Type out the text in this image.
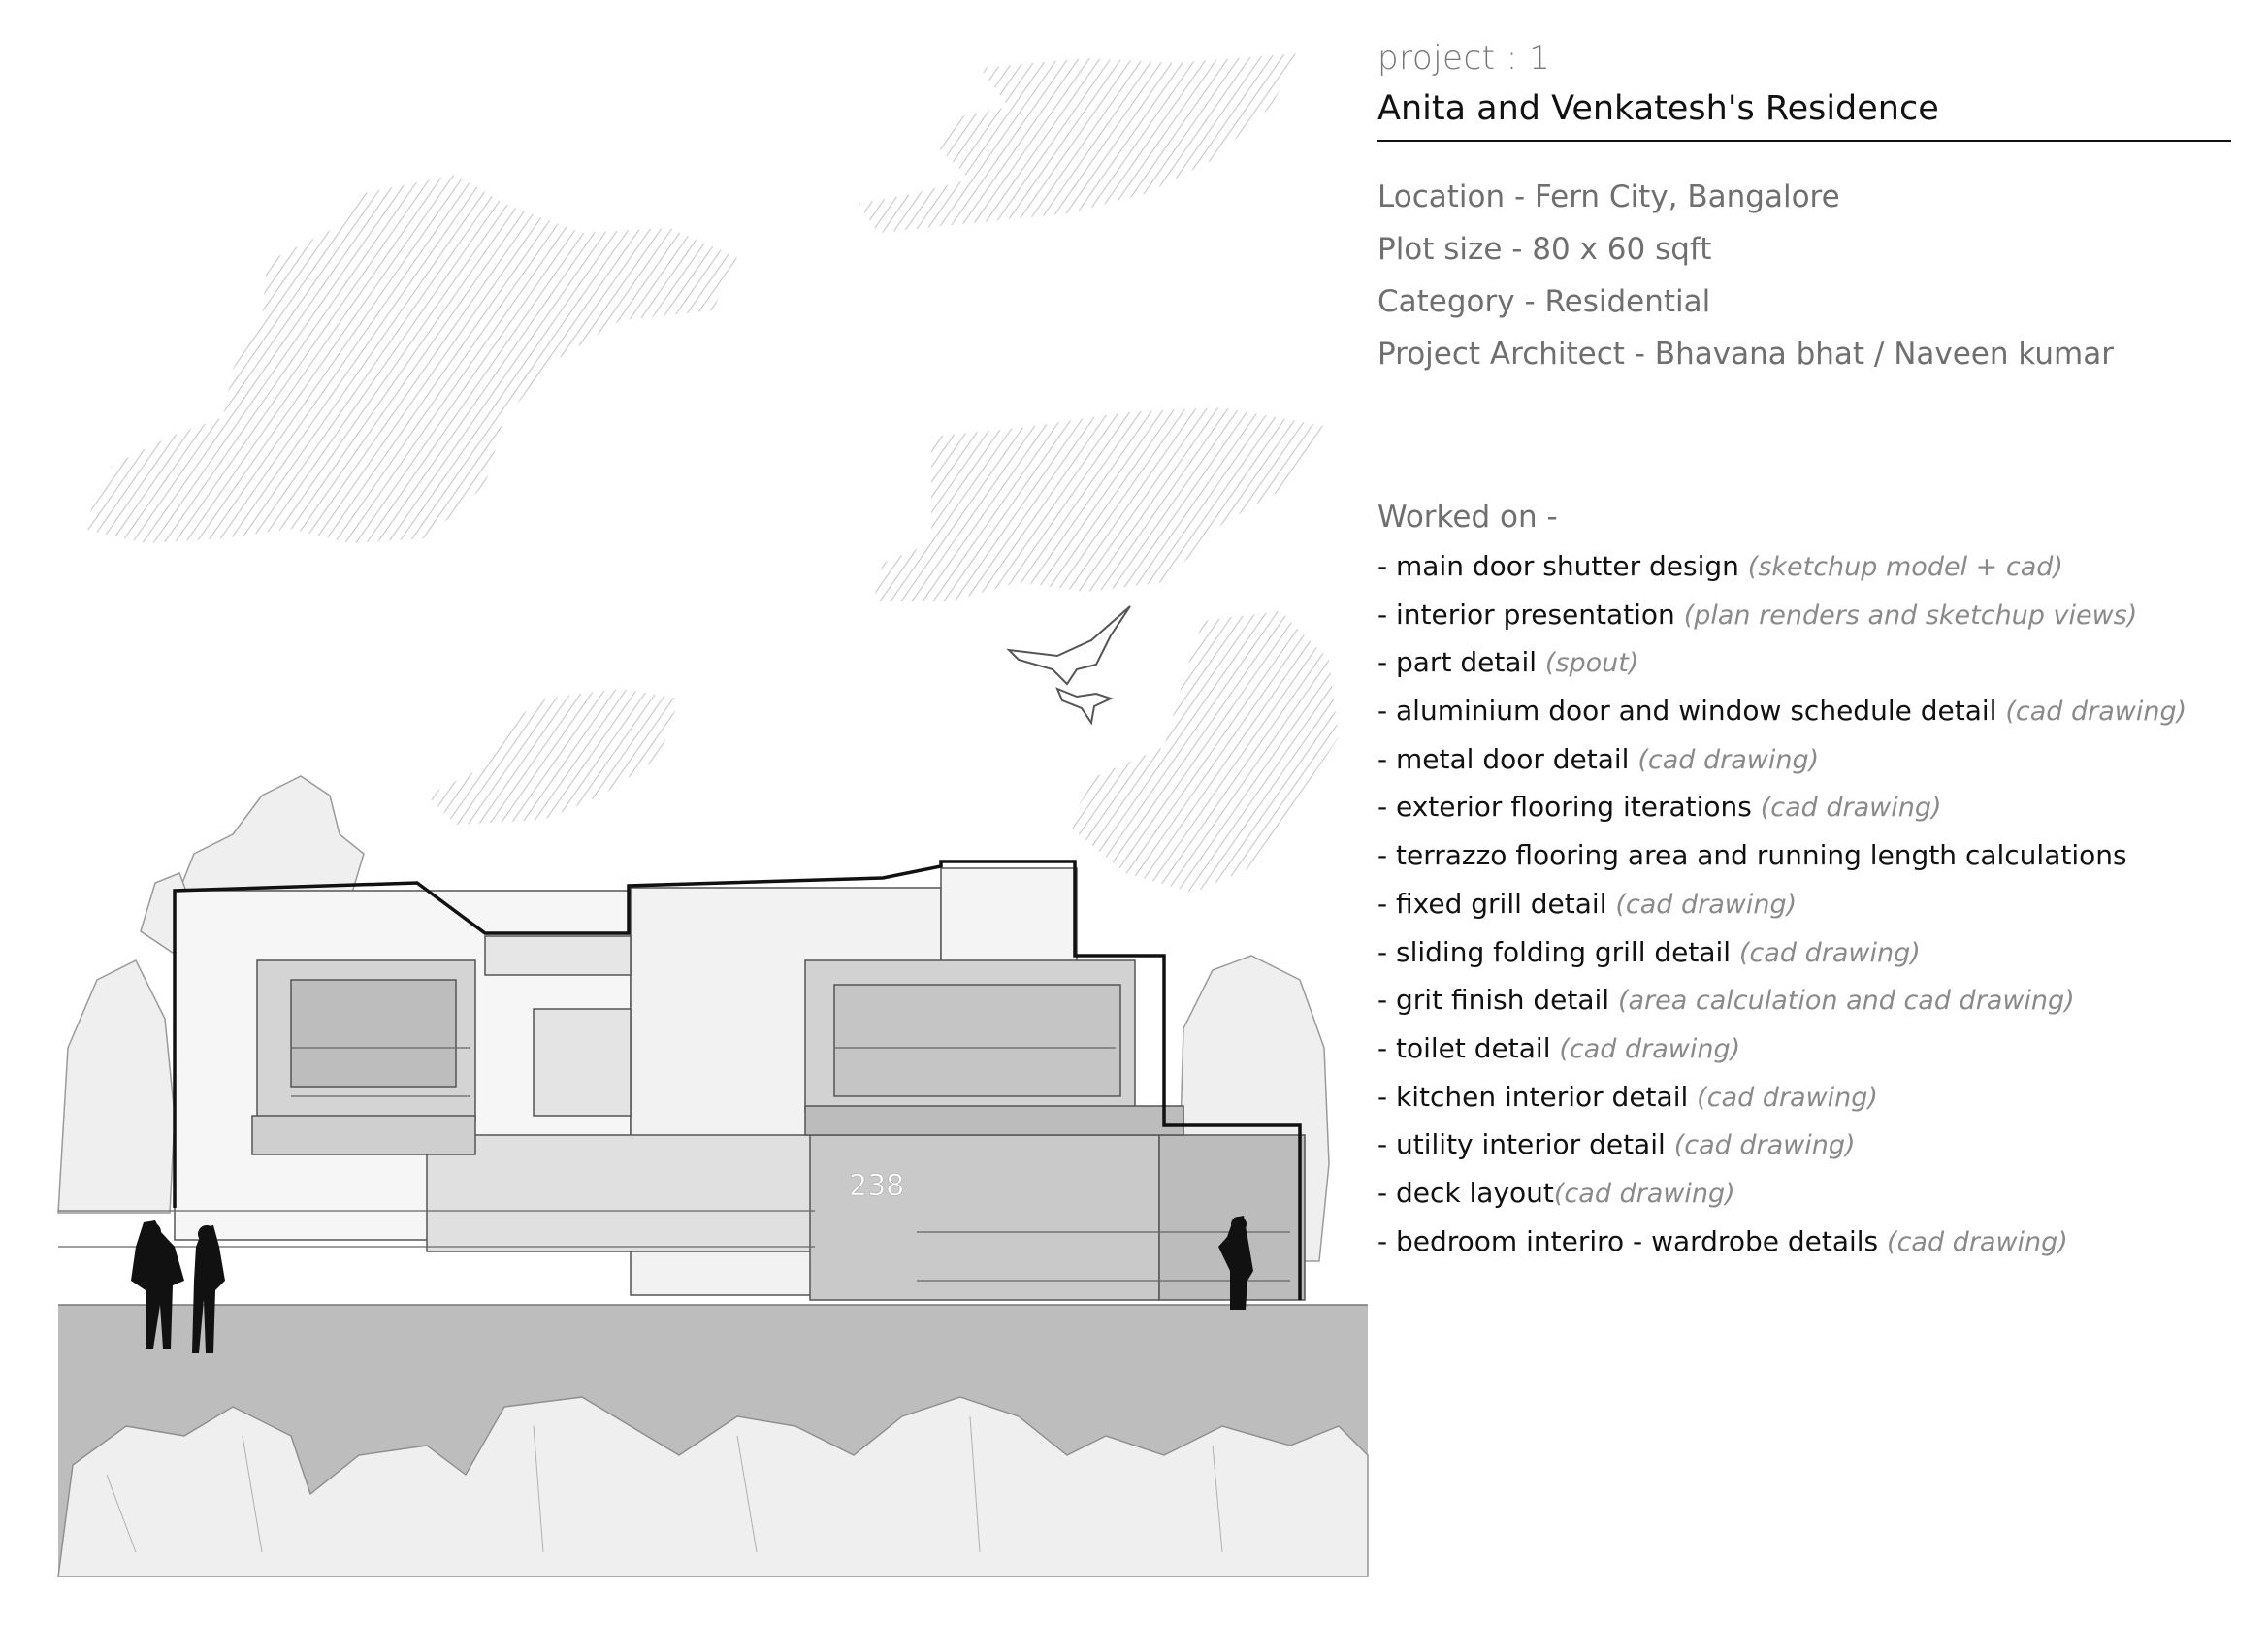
238
project : 1
Anita and Venkatesh's Residence
Location - Fern City, Bangalore
Plot size - 80 x 60 sqft
Category - Residential
Project Architect - Bhavana bhat / Naveen kumar
Worked on -
- main door shutter design (sketchup model + cad)
- interior presentation (plan renders and sketchup views)
- part detail (spout)
- aluminium door and window schedule detail (cad drawing)
- metal door detail (cad drawing)
- exterior flooring iterations (cad drawing)
- terrazzo flooring area and running length calculations
- fixed grill detail (cad drawing)
- sliding folding grill detail (cad drawing)
- grit finish detail (area calculation and cad drawing)
- toilet detail (cad drawing)
- kitchen interior detail (cad drawing)
- utility interior detail (cad drawing)
- deck layout(cad drawing)
- bedroom interiro - wardrobe details (cad drawing)
